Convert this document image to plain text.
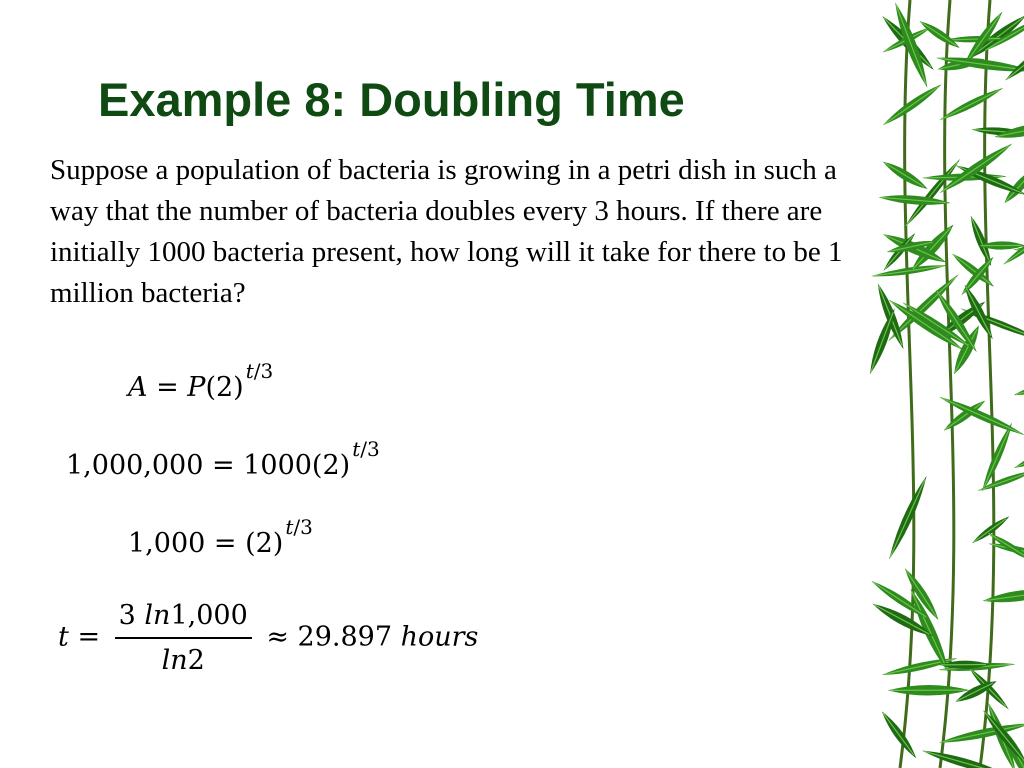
Example 8: Doubling Time
Suppose a population of bacteria is growing in a petri dish in such a way that the number of bacteria doubles every 3 hours. If there are initially 1000 bacteria present, how long will it take for there to be 1 million bacteria?
A = P(2)t/3
1,000,000 = 1000(2)t/3
1,000 = (2)t/3
$t = \frac{3 \ln 1,000}{\ln 2} \approx 29.897$ hours
